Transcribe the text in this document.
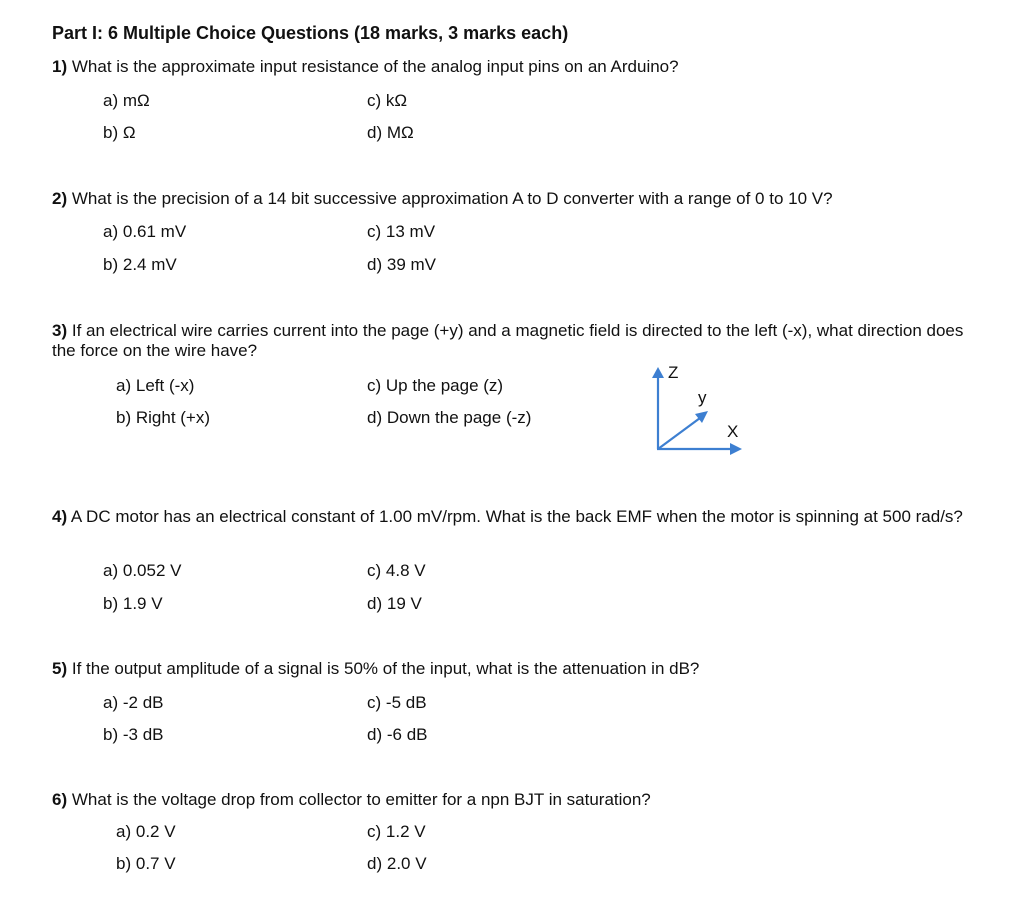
Part I: 6 Multiple Choice Questions (18 marks, 3 marks each)
1) What is the approximate input resistance of the analog input pins on an Arduino?
a) mΩ
b) Ω
c) kΩ
d) MΩ
2) What is the precision of a 14 bit successive approximation A to D converter with a range of 0 to 10 V?
a) 0.61 mV
b) 2.4 mV
c) 13 mV
d) 39 mV
3) If an electrical wire carries current into the page (+y) and a magnetic field is directed to the left (-x), what direction does the force on the wire have?
a) Left (-x)
b) Right (+x)
c) Up the page (z)
d) Down the page (-z)
Z
y
X
4) A DC motor has an electrical constant of 1.00 mV/rpm. What is the back EMF when the motor is spinning at 500 rad/s?
a) 0.052 V
b) 1.9 V
c) 4.8 V
d) 19 V
5) If the output amplitude of a signal is 50% of the input, what is the attenuation in dB?
a) -2 dB
b) -3 dB
c) -5 dB
d) -6 dB
6) What is the voltage drop from collector to emitter for a npn BJT in saturation?
a) 0.2 V
b) 0.7 V
c) 1.2 V
d) 2.0 V
